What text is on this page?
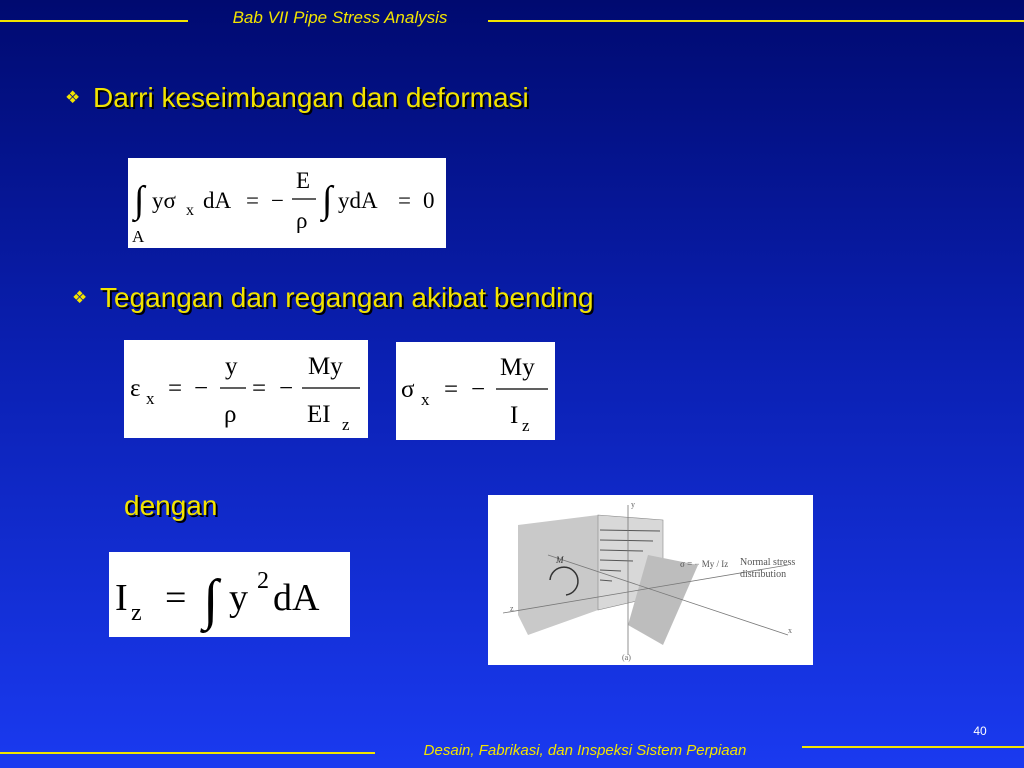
Bab VII Pipe Stress Analysis
❖ Darri keseimbangan dan deformasi
∫
A
yσ x dA = −
E
ρ ∫ ydA = 0
❖ Tegangan dan regangan akibat bending
ε x = −
y
ρ
= −
My
EI z
σ x = −
My
I z
dengan
I z = ∫ y 2 dA
M	σ = − My / Iz Normal stress
distribution
(a)
z
x
y
40
Desain, Fabrikasi, dan Inspeksi Sistem Perpiaan
